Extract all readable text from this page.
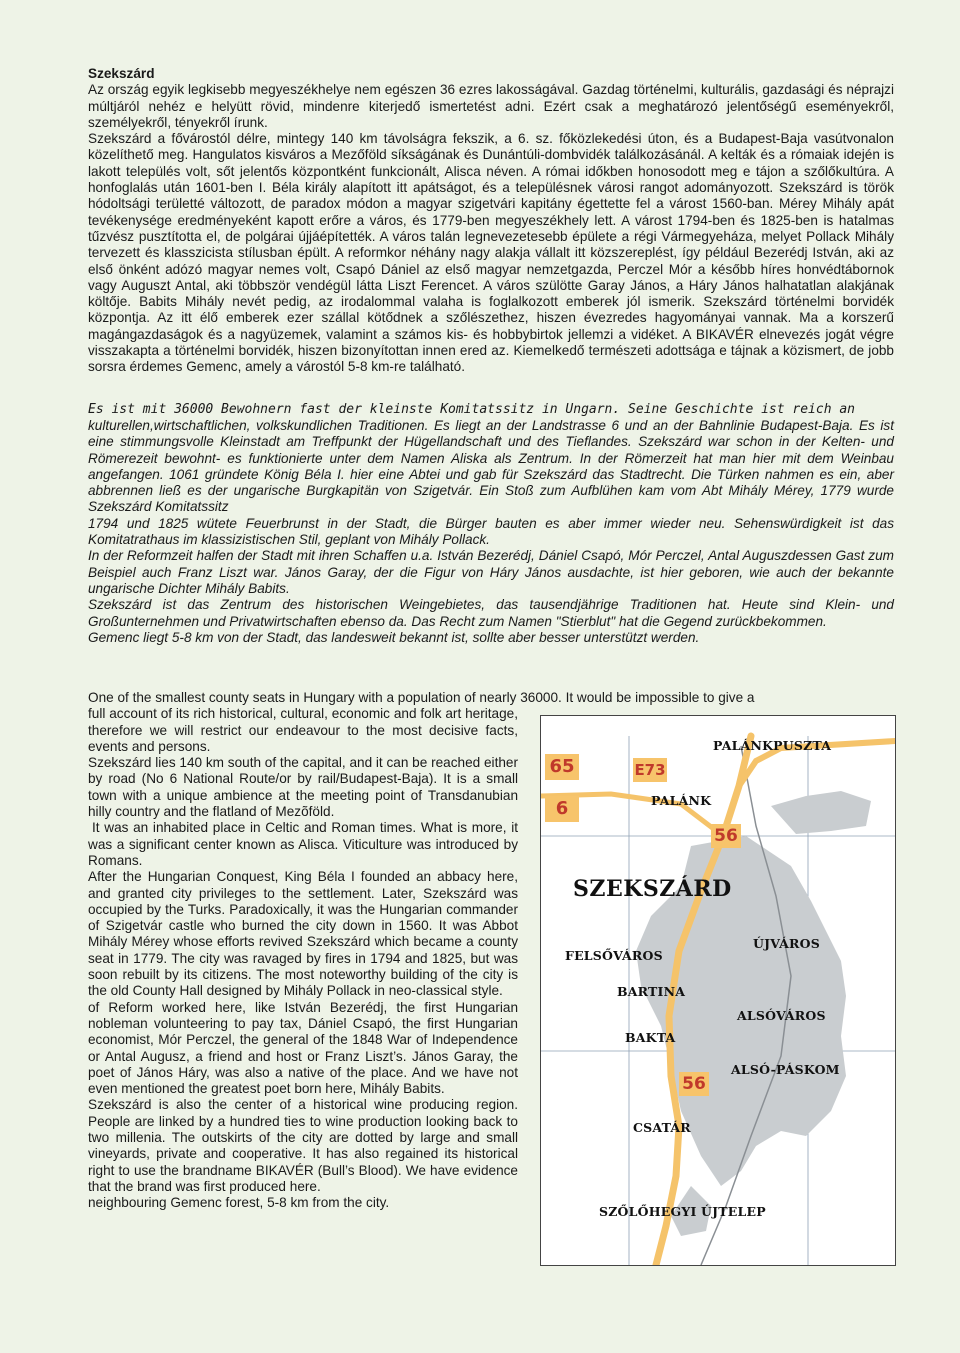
Szekszárd

Az ország egyik legkisebb megyeszékhelye nem egészen 36 ezres lakosságával. Gazdag történelmi, kulturális, gazdasági és néprajzi múltjáról nehéz e helyütt rövid, mindenre kiterjedő ismertetést adni. Ezért csak a meghatározó jelentőségű eseményekről, személyekről, tényekről írunk.

Szekszárd a fővárostól délre, mintegy 140 km távolságra fekszik, a 6. sz. főközlekedési úton, és a Budapest-Baja vasútvonalon közelíthető meg. Hangulatos kisváros a Mezőföld síkságának és Dunántúli-dombvidék találkozásánál. A kelták és a rómaiak idején is lakott település volt, sőt jelentős központként funkcionált, Alisca néven. A római időkben honosodott meg e tájon a szőlőkultúra. A honfoglalás után 1601-ben I. Béla király alapított itt apátságot, és a településnek városi rangot adományozott. Szekszárd is török hódoltsági területté változott, de paradox módon a magyar szigetvári kapitány égettette fel a várost 1560-ban. Mérey Mihály apát tevékenysége eredményeként kapott erőre a város, és 1779-ben megyeszékhely lett. A várost 1794-ben és 1825-ben is hatalmas tűzvész pusztította el, de polgárai újjáépítették. A város talán legnevezetesebb épülete a régi Vármegyeháza, melyet Pollack Mihály tervezett és klasszicista stílusban épült. A reformkor néhány nagy alakja vállalt itt közszereplést, így például Bezerédj István, aki az első önként adózó magyar nemes volt, Csapó Dániel az első magyar nemzetgazda, Perczel Mór a később híres honvédtábornok vagy Auguszt Antal, aki többször vendégül látta Liszt Ferencet. A város szülötte Garay János, a Háry János halhatatlan alakjának költője. Babits Mihály nevét pedig, az irodalommal valaha is foglalkozott emberek jól ismerik. Szekszárd történelmi borvidék központja. Az itt élő emberek ezer szállal kötődnek a szőlészethez, hiszen évezredes hagyományai vannak. Ma a korszerű magángazdaságok és a nagyüzemek, valamint a számos kis- és hobbybirtok jellemzi a vidéket. A BIKAVÉR elnevezés jogát végre visszakapta a történelmi borvidék, hiszen bizonyítottan innen ered az. Kiemelkedő természeti adottsága e tájnak a közismert, de jobb sorsra érdemes Gemenc, amely a várostól 5-8 km-re található.

Es ist mit 36000 Bewohnern fast der kleinste Komitatssitz in Ungarn. Seine Geschichte ist reich an

kulturellen,wirtschaftlichen, volkskundlichen Traditionen. Es liegt an der Landstrasse 6 und an der Bahnlinie Budapest-Baja. Es ist eine stimmungsvolle Kleinstadt am Treffpunkt der Hügellandschaft und des Tieflandes. Szekszárd war schon in der Kelten- und Römerezeit bewohnt- es funktionierte unter dem Namen Aliska als Zentrum. In der Römerzeit hat man hier mit dem Weinbau angefangen. 1061 gründete König Béla I. hier eine Abtei und gab für Szekszárd das Stadtrecht. Die Türken nahmen es ein, aber abbrennen ließ es der ungarische Burgkapitän von Szigetvár. Ein Stoß zum Aufblühen kam vom Abt Mihály Mérey, 1779 wurde Szekszárd Komitatssitz

1794 und 1825 wütete Feuerbrunst in der Stadt, die Bürger bauten es aber immer wieder neu. Sehenswürdigkeit ist das Komitatrathaus im klassizistischen Stil, geplant von Mihály Pollack.

In der Reformzeit halfen der Stadt mit ihren Schaffen u.a. István Bezerédj, Dániel Csapó, Mór Perczel, Antal Auguszdessen Gast zum Beispiel auch Franz Liszt war. János Garay, der die Figur von Háry János ausdachte, ist hier geboren, wie auch der bekannte ungarische Dichter Mihály Babits.

Szekszárd ist das Zentrum des historischen Weingebietes, das tausendjährige Traditionen hat. Heute sind Klein- und Großunternehmen und Privatwirtschaften ebenso da. Das Recht zum Namen "Stierblut" hat die Gegend zurückbekommen.

Gemenc liegt 5-8 km von der Stadt, das landesweit bekannt ist, sollte aber besser unterstützt werden.

One of the smallest county seats in Hungary with a population of nearly 36000. It would be impossible to give a
full account of its rich historical, cultural, economic and folk art heritage, therefore we will restrict our endeavour to the most decisive facts, events and persons.
Szekszárd lies 140 km south of the capital, and it can be reached either by road (No 6 National Route/or by rail/Budapest-Baja). It is a small town with a unique ambience at the meeting point of Transdanubian hilly country and the flatland of Mezõföld.
It was an inhabited place in Celtic and Roman times. What is more, it was a significant center known as Alisca. Viticulture was introduced by Romans.
After the Hungarian Conquest, King Béla I founded an abbacy here, and granted city privileges to the settlement. Later, Szekszárd was occupied by the Turks. Paradoxically, it was the Hungarian commander of Szigetvár castle who burned the city down in 1560. It was Abbot Mihály Mérey whose efforts revived Szekszárd which became a county seat in 1779. The city was ravaged by fires in 1794 and 1825, but was soon rebuilt by its citizens. The most noteworthy building of the city is the old County Hall designed by Mihály Pollack in neo-classical style.
of Reform worked here, like István Bezerédj, the first Hungarian nobleman volunteering to pay tax, Dániel Csapó, the first Hungarian economist, Mór Perczel, the general of the 1848 War of Independence or Antal Augusz, a friend and host or Franz Liszt’s. János Garay, the poet of János Háry, was also a native of the place. And we have not even mentioned the greatest poet born here, Mihály Babits.
Szekszárd is also the center of a historical wine producing region. People are linked by a hundred ties to wine production looking back to two millenia. The outskirts of the city are dotted by large and small vineyards, private and cooperative. It has also regained its historical right to use the brandname BIKAVÉR (Bull’s Blood). We have evidence that the brand was first produced here.
neighbouring Gemenc forest, 5-8 km from the city.
65
6
E73
56
56
PALÁNKPUSZTA
PALÁNK
SZEKSZÁRD
FELSŐVÁROS
ÚJVÁROS
BARTINA
ALSÓVÁROS
BAKTA
ALSÓ-PÁSKOM
CSATÁR
SZŐLŐHEGYI ÚJTELEP
